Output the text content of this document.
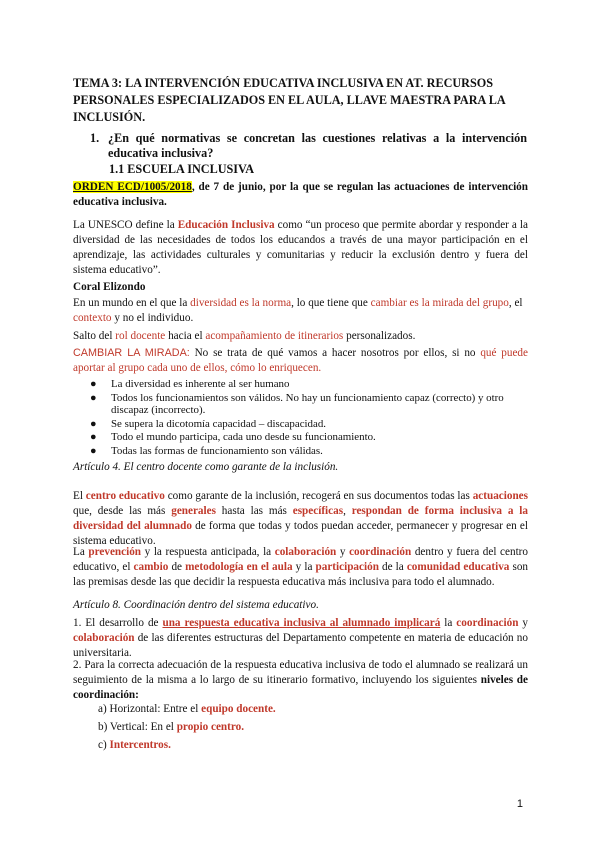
TEMA 3: LA INTERVENCIÓN EDUCATIVA INCLUSIVA EN AT. RECURSOS PERSONALES ESPECIALIZADOS EN EL AULA, LLAVE MAESTRA PARA LA INCLUSIÓN.

1. ¿En qué normativas se concretan las cuestiones relativas a la intervención educativa inclusiva?

1.1 ESCUELA INCLUSIVA

ORDEN ECD/1005/2018, de 7 de junio, por la que se regulan las actuaciones de intervención educativa inclusiva.

La UNESCO define la Educación Inclusiva como “un proceso que permite abordar y responder a la diversidad de las necesidades de todos los educandos a través de una mayor participación en el aprendizaje, las actividades culturales y comunitarias y reducir la exclusión dentro y fuera del sistema educativo”.

Coral Elizondo

En un mundo en el que la diversidad es la norma, lo que tiene que cambiar es la mirada del grupo, el contexto y no el individuo.

Salto del rol docente hacia el acompañamiento de itinerarios personalizados.

CAMBIAR LA MIRADA: No se trata de qué vamos a hacer nosotros por ellos, si no qué puede aportar al grupo cada uno de ellos, cómo lo enriquecen.

● La diversidad es inherente al ser humano
● Todos los funcionamientos son válidos. No hay un funcionamiento capaz (correcto) y otro discapaz (incorrecto).
● Se supera la dicotomía capacidad – discapacidad.
● Todo el mundo participa, cada uno desde su funcionamiento.
● Todas las formas de funcionamiento son válidas.

Artículo 4. El centro docente como garante de la inclusión.

El centro educativo como garante de la inclusión, recogerá en sus documentos todas las actuaciones que, desde las más generales hasta las más específicas, respondan de forma inclusiva a la diversidad del alumnado de forma que todas y todos puedan acceder, permanecer y progresar en el sistema educativo.

La prevención y la respuesta anticipada, la colaboración y coordinación dentro y fuera del centro educativo, el cambio de metodología en el aula y la participación de la comunidad educativa son las premisas desde las que decidir la respuesta educativa más inclusiva para todo el alumnado.

Artículo 8. Coordinación dentro del sistema educativo.

1. El desarrollo de una respuesta educativa inclusiva al alumnado implicará la coordinación y colaboración de las diferentes estructuras del Departamento competente en materia de educación no universitaria.

2. Para la correcta adecuación de la respuesta educativa inclusiva de todo el alumnado se realizará un seguimiento de la misma a lo largo de su itinerario formativo, incluyendo los siguientes niveles de coordinación:

a) Horizontal: Entre el equipo docente.

b) Vertical: En el propio centro.

c) Intercentros.

1
